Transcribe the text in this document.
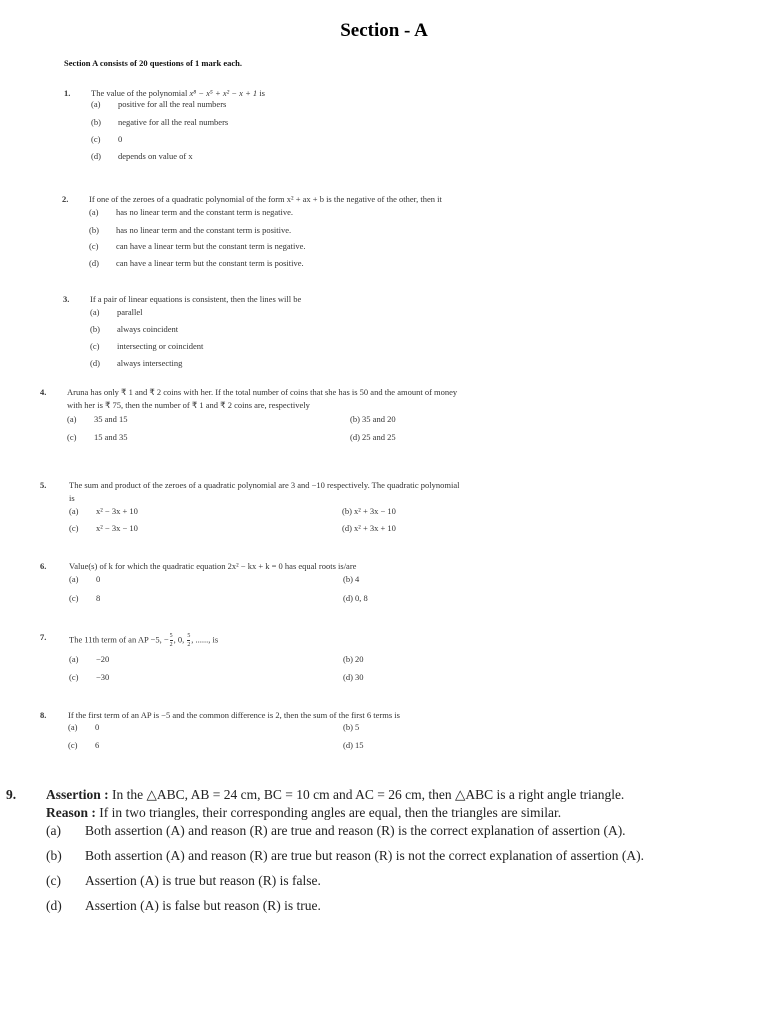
Section - A
Section A consists of 20 questions of 1 mark each.
1. The value of the polynomial x⁸ − x⁵ + x² − x + 1 is
(a) positive for all the real numbers
(b) negative for all the real numbers
(c) 0
(d) depends on value of x
2. If one of the zeroes of a quadratic polynomial of the form x² + ax + b is the negative of the other, then it
(a) has no linear term and the constant term is negative.
(b) has no linear term and the constant term is positive.
(c) can have a linear term but the constant term is negative.
(d) can have a linear term but the constant term is positive.
3. If a pair of linear equations is consistent, then the lines will be
(a) parallel
(b) always coincident
(c) intersecting or coincident
(d) always intersecting
4. Aruna has only ₹ 1 and ₹ 2 coins with her. If the total number of coins that she has is 50 and the amount of money
with her is ₹ 75, then the number of ₹ 1 and ₹ 2 coins are, respectively
(a) 35 and 15	(b) 35 and 20
(c) 15 and 35	(d) 25 and 25
5.	The sum and product of the zeroes of a quadratic polynomial are 3 and −10 respectively. The quadratic polynomial
is
(a) x² − 3x + 10	(b) x² + 3x − 10
(c) x² − 3x − 10	(d) x² + 3x + 10
6.	Value(s) of k for which the quadratic equation 2x² − kx + k = 0 has equal roots is/are
(a) 0	(b) 4
(c) 8	(d) 0, 8
7.	The 11th term of an AP −5, − $\frac{5}{2}$ , 0, $\frac{5}{2}$ , ......, is
(a) −20	(b) 20
(c) −30	(d) 30
8.	If the first term of an AP is −5 and the common difference is 2, then the sum of the first 6 terms is
(a) 0	(b) 5
(c) 6	(d) 15
9. Assertion : In the △ABC, AB = 24 cm, BC = 10 cm and AC = 26 cm, then △ABC is a right angle triangle.
Reason : If in two triangles, their corresponding angles are equal, then the triangles are similar.
(a) Both assertion (A) and reason (R) are true and reason (R) is the correct explanation of assertion (A).
(b) Both assertion (A) and reason (R) are true but reason (R) is not the correct explanation of assertion (A).
(c) Assertion (A) is true but reason (R) is false.
(d) Assertion (A) is false but reason (R) is true.
